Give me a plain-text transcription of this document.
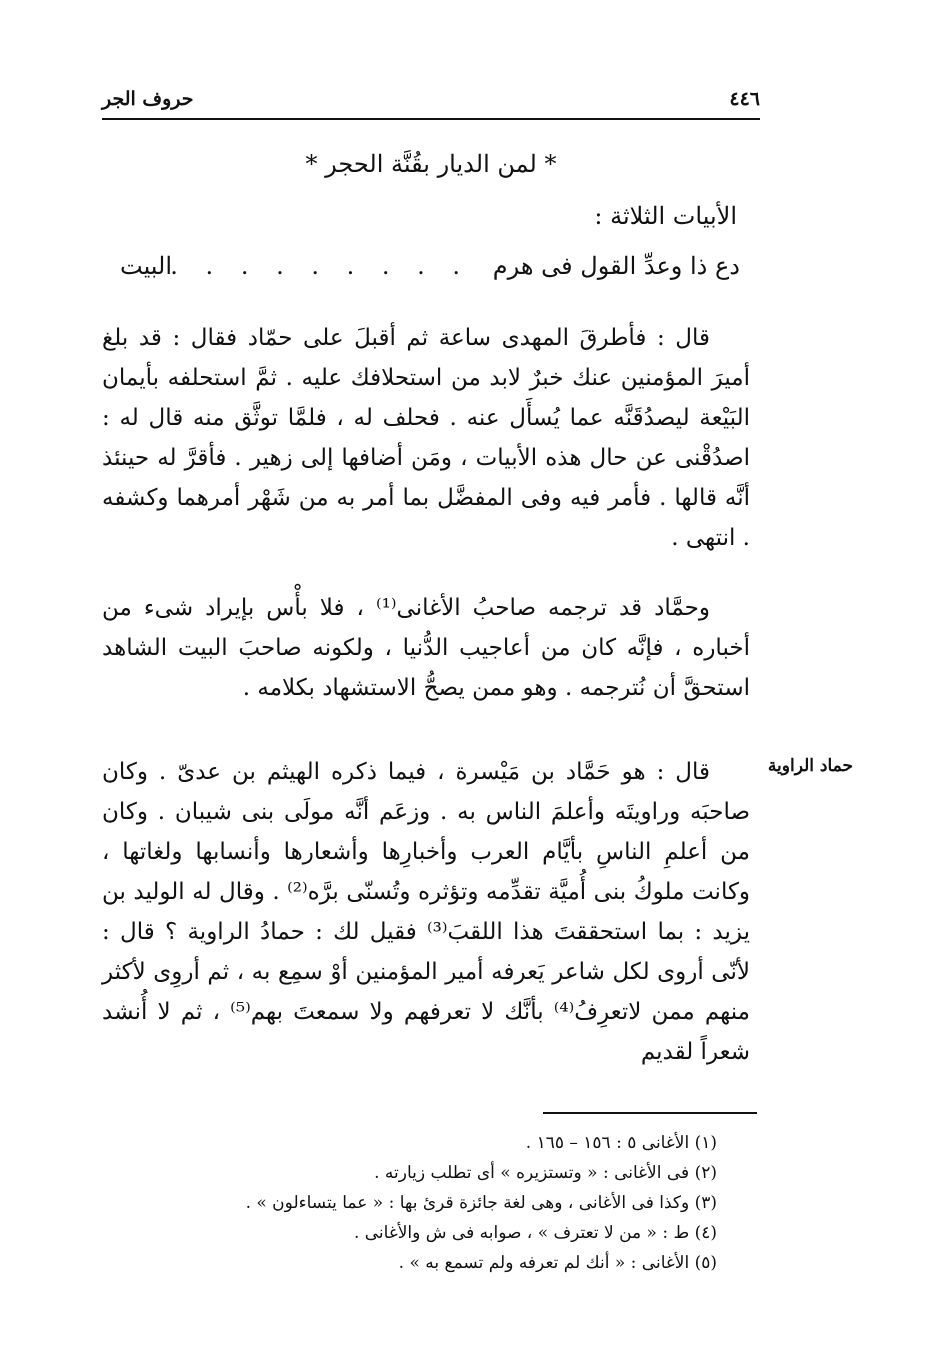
٤٤٦
حروف الجر
* لمن الديار بقُنَّة الحجر *
الأبيات الثلاثة :
دع ذا وعدِّ القول فى هرم
. . . . . . . . .
البيت
قال : فأطرقَ المهدى ساعة ثم أقبلَ على حمّاد فقال : قد بلغ أميرَ المؤمنين عنك خبرٌ لابد من استحلافك عليه . ثمَّ استحلفه بأيمان البَيْعة ليصدُقَنَّه عما يُسأَل عنه . فحلف له ، فلمَّا توثَّق منه قال له : اصدُقْنى عن حال هذه الأبيات ، ومَن أضافها إلى زهير . فأقرَّ له حينئذ أنَّه قالها . فأمر فيه وفى المفضَّل بما أمر به من شَهْر أمرهما وكشفه . انتهى .
وحمَّاد قد ترجمه صاحبُ الأغانى⁽¹⁾ ، فلا بأْس بإيراد شىء من أخباره ، فإنَّه كان من أعاجيب الدُّنيا ، ولكونه صاحبَ البيت الشاهد استحقَّ أن نُترجمه . وهو ممن يصحُّ الاستشهاد بكلامه .
قال : هو حَمَّاد بن مَيْسرة ، فيما ذكره الهيثم بن عدىّ . وكان صاحبَه وراويتَه وأعلمَ الناس به . وزعَم أنَّه مولَى بنى شيبان . وكان من أعلمِ الناسِ بأيَّام العرب وأخبارِها وأشعارها وأنسابها ولغاتها ، وكانت ملوكُ بنى أُميَّة تقدِّمه وتؤثره وتُسنّى برَّه⁽²⁾ . وقال له الوليد بن يزيد : بما استحققتَ هذا اللقبَ⁽³⁾ فقيل لك : حمادُ الراوية ؟ قال : لأنّى أروى لكل شاعر يَعرفه أمير المؤمنين أوْ سمِع به ، ثم أروِى لأكثر منهم ممن لاتعرِفُ⁽⁴⁾ بأنَّك لا تعرفهم ولا سمعتَ بهم⁽⁵⁾ ، ثم لا أُنشد شعراً لقديم
حماد الراوية
(١) الأغانى ٥ : ١٥٦ – ١٦٥ .
(٢) فى الأغانى : « وتستزيره » أى تطلب زيارته .
(٣) وكذا فى الأغانى ، وهى لغة جائزة قرئ بها : « عما يتساءلون » .
(٤) ط : « من لا تعترف » ، صوابه فى ش والأغانى .
(٥) الأغانى : « أنك لم تعرفه ولم تسمع به » .
